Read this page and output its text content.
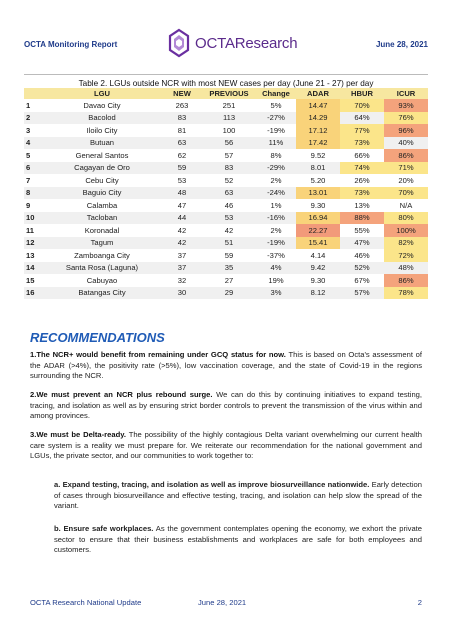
OCTA Monitoring Report	OCTAResearch	June 28, 2021
Table 2. LGUs outside NCR with most NEW cases per day (June 21 - 27) per day
	LGU	NEW	PREVIOUS	Change	ADAR	HBUR	ICUR
1	Davao City	263	251	5%	14.47	70%	93%
2	Bacolod	83	113	-27%	14.29	64%	76%
3	Iloilo City	81	100	-19%	17.12	77%	96%
4	Butuan	63	56	11%	17.42	73%	40%
5	General Santos	62	57	8%	9.52	66%	86%
6	Cagayan de Oro	59	83	-29%	8.01	74%	71%
7	Cebu City	53	52	2%	5.20	26%	20%
8	Baguio City	48	63	-24%	13.01	73%	70%
9	Calamba	47	46	1%	9.30	13%	N/A
10	Tacloban	44	53	-16%	16.94	88%	80%
11	Koronadal	42	42	2%	22.27	55%	100%
12	Tagum	42	51	-19%	15.41	47%	82%
13	Zamboanga City	37	59	-37%	4.14	46%	72%
14	Santa Rosa (Laguna)	37	35	4%	9.42	52%	48%
15	Cabuyao	32	27	19%	9.30	67%	86%
16	Batangas City	30	29	3%	8.12	57%	78%
RECOMMENDATIONS
1.The NCR+ would benefit from remaining under GCQ status for now. This is based on Octa's assessment of the ADAR (>4%), the positivity rate (>5%), low vaccination coverage, and the state of Covid-19 in the regions surrounding the NCR.
2.We must prevent an NCR plus rebound surge. We can do this by continuing initiatives to expand testing, tracing, and isolation as well as by ensuring strict border controls to prevent the transmission of the virus within and among provinces.
3.We must be Delta-ready. The possibility of the highly contagious Delta variant overwhelming our current health care system is a reality we must prepare for. We reiterate our recommendation for the national government and LGUs, the private sector, and our communities to work together to:
a. Expand testing, tracing, and isolation as well as improve biosurveillance nationwide. Early detection of cases through biosurveillance and effective testing, tracing, and isolation can help slow the spread of the variant.
b. Ensure safe workplaces. As the government contemplates opening the economy, we exhort the private sector to ensure that their business establishments and workplaces are safe for both employees and customers.
OCTA Research National Update	June 28, 2021	2
